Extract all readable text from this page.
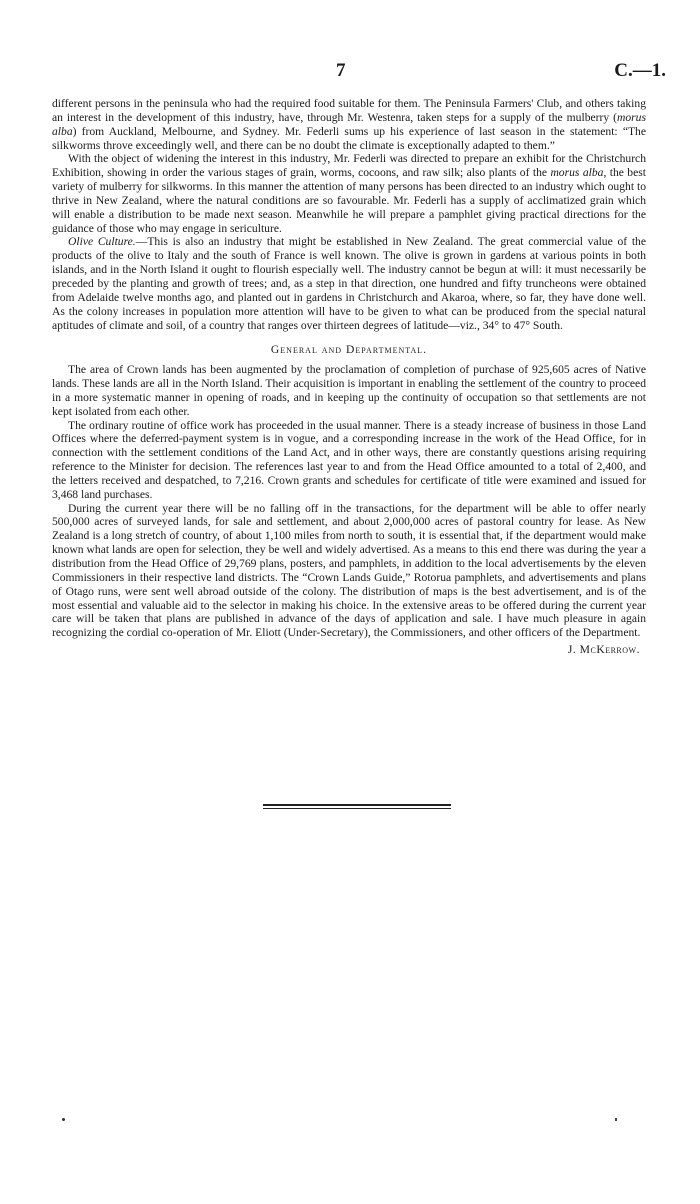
7	C.—1.

different persons in the peninsula who had the required food suitable for them. The Peninsula Farmers' Club, and others taking an interest in the development of this industry, have, through Mr. Westenra, taken steps for a supply of the mulberry (morus alba) from Auckland, Melbourne, and Sydney. Mr. Federli sums up his experience of last season in the statement: “The silkworms throve exceedingly well, and there can be no doubt the climate is exceptionally adapted to them.”

With the object of widening the interest in this industry, Mr. Federli was directed to prepare an exhibit for the Christchurch Exhibition, showing in order the various stages of grain, worms, cocoons, and raw silk; also plants of the morus alba, the best variety of mulberry for silkworms. In this manner the attention of many persons has been directed to an industry which ought to thrive in New Zealand, where the natural conditions are so favourable. Mr. Federli has a supply of acclimatized grain which will enable a distribution to be made next season. Meanwhile he will prepare a pamphlet giving practical directions for the guidance of those who may engage in sericulture.

Olive Culture.—This is also an industry that might be established in New Zealand. The great commercial value of the products of the olive to Italy and the south of France is well known. The olive is grown in gardens at various points in both islands, and in the North Island it ought to flourish especially well. The industry cannot be begun at will: it must necessarily be preceded by the planting and growth of trees; and, as a step in that direction, one hundred and fifty truncheons were obtained from Adelaide twelve months ago, and planted out in gardens in Christchurch and Akaroa, where, so far, they have done well. As the colony increases in population more attention will have to be given to what can be produced from the special natural aptitudes of climate and soil, of a country that ranges over thirteen degrees of latitude—viz., 34° to 47° South.

General and Departmental.

The area of Crown lands has been augmented by the proclamation of completion of purchase of 925,605 acres of Native lands. These lands are all in the North Island. Their acquisition is important in enabling the settlement of the country to proceed in a more systematic manner in opening of roads, and in keeping up the continuity of occupation so that settlements are not kept isolated from each other.

The ordinary routine of office work has proceeded in the usual manner. There is a steady increase of business in those Land Offices where the deferred-payment system is in vogue, and a corresponding increase in the work of the Head Office, for in connection with the settlement conditions of the Land Act, and in other ways, there are constantly questions arising requiring reference to the Minister for decision. The references last year to and from the Head Office amounted to a total of 2,400, and the letters received and despatched, to 7,216. Crown grants and schedules for certificate of title were examined and issued for 3,468 land purchases.

During the current year there will be no falling off in the transactions, for the department will be able to offer nearly 500,000 acres of surveyed lands, for sale and settlement, and about 2,000,000 acres of pastoral country for lease. As New Zealand is a long stretch of country, of about 1,100 miles from north to south, it is essential that, if the department would make known what lands are open for selection, they be well and widely advertised. As a means to this end there was during the year a distribution from the Head Office of 29,769 plans, posters, and pamphlets, in addition to the local advertisements by the eleven Commissioners in their respective land districts. The “Crown Lands Guide,” Rotorua pamphlets, and advertisements and plans of Otago runs, were sent well abroad outside of the colony. The distribution of maps is the best advertisement, and is of the most essential and valuable aid to the selector in making his choice. In the extensive areas to be offered during the current year care will be taken that plans are published in advance of the days of application and sale. I have much pleasure in again recognizing the cordial co-operation of Mr. Eliott (Under-Secretary), the Commissioners, and other officers of the Department.

J. McKerrow.
